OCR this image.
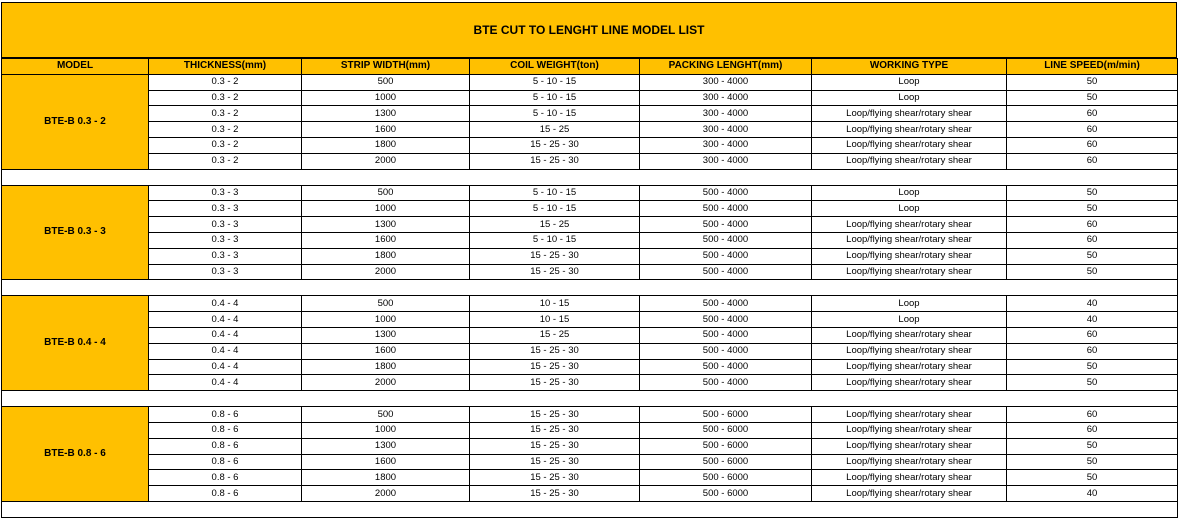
BTE CUT TO LENGHT LINE MODEL LIST
MODEL	THICKNESS(mm)	STRIP WIDTH(mm)	COIL WEIGHT(ton)	PACKING LENGHT(mm)	WORKING TYPE	LINE SPEED(m/min)
BTE-B 0.3 - 2	0.3 - 2	500	5 - 10 - 15	300 - 4000	Loop	50
	0.3 - 2	1000	5 - 10 - 15	300 - 4000	Loop	50
	0.3 - 2	1300	5 - 10 - 15	300 - 4000	Loop/flying shear/rotary shear	60
	0.3 - 2	1600	15 - 25	300 - 4000	Loop/flying shear/rotary shear	60
	0.3 - 2	1800	15 - 25 - 30	300 - 4000	Loop/flying shear/rotary shear	60
	0.3 - 2	2000	15 - 25 - 30	300 - 4000	Loop/flying shear/rotary shear	60

BTE-B 0.3 - 3	0.3 - 3	500	5 - 10 - 15	500 - 4000	Loop	50
	0.3 - 3	1000	5 - 10 - 15	500 - 4000	Loop	50
	0.3 - 3	1300	15 - 25	500 - 4000	Loop/flying shear/rotary shear	60
	0.3 - 3	1600	5 - 10 - 15	500 - 4000	Loop/flying shear/rotary shear	60
	0.3 - 3	1800	15 - 25 - 30	500 - 4000	Loop/flying shear/rotary shear	50
	0.3 - 3	2000	15 - 25 - 30	500 - 4000	Loop/flying shear/rotary shear	50

BTE-B 0.4 - 4	0.4 - 4	500	10 - 15	500 - 4000	Loop	40
	0.4 - 4	1000	10 - 15	500 - 4000	Loop	40
	0.4 - 4	1300	15 - 25	500 - 4000	Loop/flying shear/rotary shear	60
	0.4 - 4	1600	15 - 25 - 30	500 - 4000	Loop/flying shear/rotary shear	60
	0.4 - 4	1800	15 - 25 - 30	500 - 4000	Loop/flying shear/rotary shear	50
	0.4 - 4	2000	15 - 25 - 30	500 - 4000	Loop/flying shear/rotary shear	50

BTE-B 0.8 - 6	0.8 - 6	500	15 - 25 - 30	500 - 6000	Loop/flying shear/rotary shear	60
	0.8 - 6	1000	15 - 25 - 30	500 - 6000	Loop/flying shear/rotary shear	60
	0.8 - 6	1300	15 - 25 - 30	500 - 6000	Loop/flying shear/rotary shear	50
	0.8 - 6	1600	15 - 25 - 30	500 - 6000	Loop/flying shear/rotary shear	50
	0.8 - 6	1800	15 - 25 - 30	500 - 6000	Loop/flying shear/rotary shear	50
	0.8 - 6	2000	15 - 25 - 30	500 - 6000	Loop/flying shear/rotary shear	40
